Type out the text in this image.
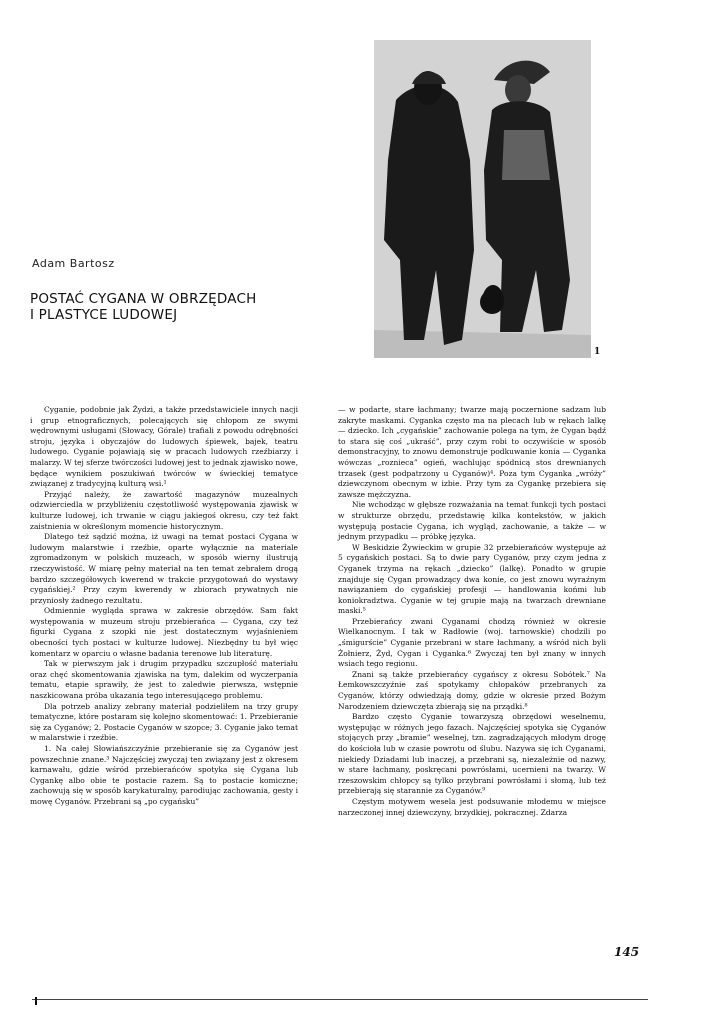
1
Adam Bartosz
POSTAĆ CYGANA W OBRZĘDACH
I PLASTYCE LUDOWEJ

Cyganie, podobnie jak Żydzi, a także przedstawiciele innych nacji i grup etnograficznych, polecających się chłopom ze swymi wędrownymi usługami (Słowacy, Górale) trafiali z powodu odrębności stroju, języka i obyczajów do ludowych śpiewek, bajek, teatru ludowego. Cyganie pojawiają się w pracach ludowych rzeźbiarzy i malarzy. W tej sferze twórczości ludowej jest to jednak zjawisko nowe, będące wynikiem poszukiwań twórców w świeckiej tematyce związanej z tradycyjną kulturą wsi.¹

Przyjąć należy, że zawartość magazynów muzealnych odzwierciedla w przybliżeniu częstotliwość występowania zjawisk w kulturze ludowej, ich trwanie w ciągu jakiegoś okresu, czy też fakt zaistnienia w określonym momencie historycznym.

Dlatego też sądzić można, iż uwagi na temat postaci Cygana w ludowym malarstwie i rzeźbie, oparte wyłącznie na materiale zgromadzonym w polskich muzeach, w sposób wierny ilustrują rzeczywistość. W miarę pełny materiał na ten temat zebrałem drogą bardzo szczegółowych kwerend w trakcie przygotowań do wystawy cygańskiej.² Przy czym kwerendy w zbiorach prywatnych nie przyniosły żadnego rezultatu.

Odmiennie wygląda sprawa w zakresie obrzędów. Sam fakt występowania w muzeum stroju przebierańca — Cygana, czy też figurki Cygana z szopki nie jest dostatecznym wyjaśnieniem obecności tych postaci w kulturze ludowej. Niezbędny tu był więc komentarz w oparciu o własne badania terenowe lub literaturę.

Tak w pierwszym jak i drugim przypadku szczupłość materiału oraz chęć skomentowania zjawiska na tym, dalekim od wyczerpania tematu, etapie sprawiły, że jest to zaledwie pierwsza, wstępnie naszkicowana próba ukazania tego interesującego problemu.

Dla potrzeb analizy zebrany materiał podzieliłem na trzy grupy tematyczne, które postaram się kolejno skomentować: 1. Przebieranie się za Cyganów; 2. Postacie Cyganów w szopce; 3. Cyganie jako temat w malarstwie i rzeźbie.

1. Na całej Słowiańszczyźnie przebieranie się za Cyganów jest powszechnie znane.³ Najczęściej zwyczaj ten związany jest z okresem karnawału, gdzie wśród przebierańców spotyka się Cygana lub Cygankę albo obie te postacie razem. Są to postacie komiczne; zachowują się w sposób karykaturalny, parodiując zachowania, gesty i mowę Cyganów. Przebrani są „po cygańsku”

— w podarte, stare łachmany; twarze mają poczernione sadzam lub zakryte maskami. Cyganka często ma na plecach lub w rękach lalkę — dziecko. Ich „cygańskie” zachowanie polega na tym, że Cygan bądź to stara się coś „ukraść”, przy czym robi to oczywiście w sposób demonstracyjny, to znowu demonstruje podkuwanie konia — Cyganka wówczas „rozniecа” ogień, wachlując spódnicą stos drewnianych trzasek (gest podpatrzony u Cyganów)⁴. Poza tym Cyganka „wróży” dziewczynom obecnym w izbie. Przy tym za Cygankę przebiera się zawsze mężczyzna.

Nie wchodząc w głębsze rozważania na temat funkcji tych postaci w strukturze obrzędu, przedstawię kilka kontekstów, w jakich występują postacie Cygana, ich wygląd, zachowanie, a także — w jednym przypadku — próbkę języka.

W Beskidzie Żywieckim w grupie 32 przebierańców występuje aż 5 cygańskich postaci. Są to dwie pary Cyganów, przy czym jedna z Cyganek trzyma na rękach „dziecko” (lalkę). Ponadto w grupie znajduje się Cygan prowadzący dwa konie, co jest znowu wyraźnym nawiązaniem do cygańskiej profesji — handlowania końmi lub koniokradztwa. Cyganie w tej grupie mają na twarzach drewniane maski.⁵

Przebierańcy zwani Cyganami chodzą również w okresie Wielkanocnym. I tak w Radłowie (woj. tarnowskie) chodzili po „śmigurście” Cyganie przebrani w stare łachmany, a wśród nich byli Żołnierz, Żyd, Cygan i Cyganka.⁶ Zwyczaj ten był znany w innych wsiach tego regionu.

Znani są także przebierańcy cygańscy z okresu Sobótek.⁷ Na Łemkowszczyźnie zaś spotykamy chłopaków przebranych za Cyganów, którzy odwiedzają domy, gdzie w okresie przed Bożym Narodzeniem dziewczęta zbierają się na prządki.⁸

Bardzo często Cyganie towarzyszą obrzędowi weselnemu, występując w różnych jego fazach. Najczęściej spotyka się Cyganów stojących przy „bramie” weselnej, tzn. zagradzających młodym drogę do kościoła lub w czasie powrotu od ślubu. Nazywa się ich Cyganami, niekiedy Dziadami lub inaczej, a przebrani są, niezależnie od nazwy, w stare łachmany, poskręcani powrósłami, ucernieni na twarzy. W rzeszowskim chłopcy są tylko przybrani powrósłami i słomą, lub też przebierają się starannie za Cyganów.⁹

Częstym motywem wesela jest podsuwanie młodemu w miejsce narzeczonej innej dziewczyny, brzydkiej, pokracznej. Zdarza

145
